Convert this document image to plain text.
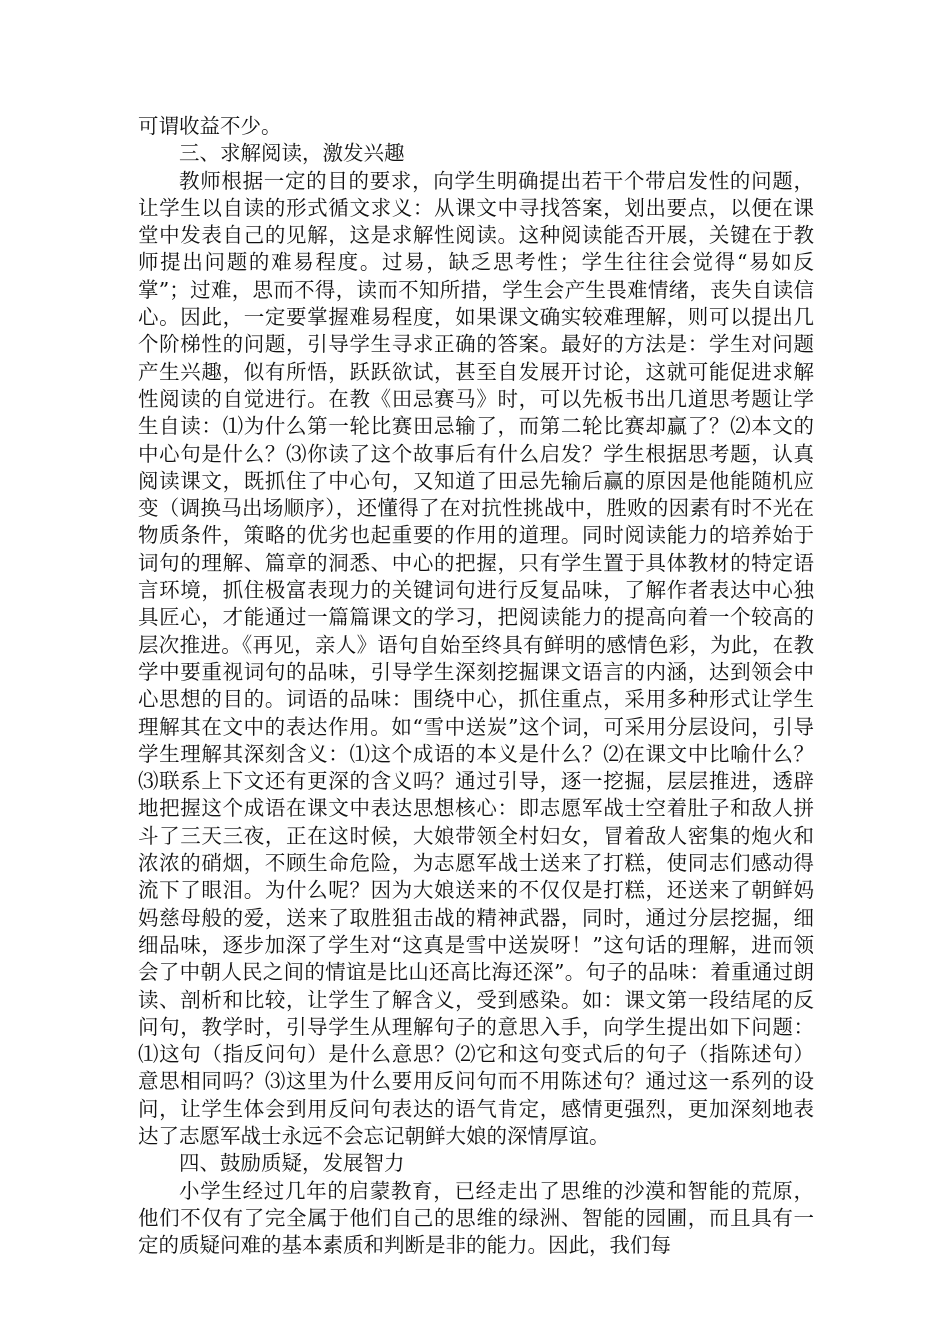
可谓收益不少。

三、求解阅读，激发兴趣

教师根据一定的目的要求，向学生明确提出若干个带启发性的问题，让学生以自读的形式循文求义：从课文中寻找答案，划出要点，以便在课堂中发表自己的见解，这是求解性阅读。这种阅读能否开展，关键在于教师提出问题的难易程度。过易，缺乏思考性；学生往往会觉得“易如反掌”；过难，思而不得，读而不知所措，学生会产生畏难情绪，丧失自读信心。因此，一定要掌握难易程度，如果课文确实较难理解，则可以提出几个阶梯性的问题，引导学生寻求正确的答案。最好的方法是：学生对问题产生兴趣，似有所悟，跃跃欲试，甚至自发展开讨论，这就可能促进求解性阅读的自觉进行。在教《田忌赛马》时，可以先板书出几道思考题让学生自读：⑴为什么第一轮比赛田忌输了，而第二轮比赛却赢了？⑵本文的中心句是什么？⑶你读了这个故事后有什么启发？学生根据思考题，认真阅读课文，既抓住了中心句，又知道了田忌先输后赢的原因是他能随机应变（调换马出场顺序），还懂得了在对抗性挑战中，胜败的因素有时不光在物质条件，策略的优劣也起重要的作用的道理。同时阅读能力的培养始于词句的理解、篇章的洞悉、中心的把握，只有学生置于具体教材的特定语言环境，抓住极富表现力的关键词句进行反复品味，了解作者表达中心独具匠心，才能通过一篇篇课文的学习，把阅读能力的提高向着一个较高的层次推进。《再见，亲人》语句自始至终具有鲜明的感情色彩，为此，在教学中要重视词句的品味，引导学生深刻挖掘课文语言的内涵，达到领会中心思想的目的。词语的品味：围绕中心，抓住重点，采用多种形式让学生理解其在文中的表达作用。如“雪中送炭”这个词，可采用分层设问，引导学生理解其深刻含义：⑴这个成语的本义是什么？⑵在课文中比喻什么？⑶联系上下文还有更深的含义吗？通过引导，逐一挖掘，层层推进，透辟地把握这个成语在课文中表达思想核心：即志愿军战士空着肚子和敌人拼斗了三天三夜，正在这时候，大娘带领全村妇女，冒着敌人密集的炮火和浓浓的硝烟，不顾生命危险，为志愿军战士送来了打糕，使同志们感动得流下了眼泪。为什么呢？因为大娘送来的不仅仅是打糕，还送来了朝鲜妈妈慈母般的爱，送来了取胜狙击战的精神武器，同时，通过分层挖掘，细细品味，逐步加深了学生对“这真是雪中送炭呀！”这句话的理解，进而领会了中朝人民之间的情谊是比山还高比海还深”。句子的品味：着重通过朗读、剖析和比较，让学生了解含义，受到感染。如：课文第一段结尾的反问句，教学时，引导学生从理解句子的意思入手，向学生提出如下问题：⑴这句（指反问句）是什么意思？⑵它和这句变式后的句子（指陈述句）意思相同吗？⑶这里为什么要用反问句而不用陈述句？通过这一系列的设问，让学生体会到用反问句表达的语气肯定，感情更强烈，更加深刻地表达了志愿军战士永远不会忘记朝鲜大娘的深情厚谊。

四、鼓励质疑，发展智力

小学生经过几年的启蒙教育，已经走出了思维的沙漠和智能的荒原，他们不仅有了完全属于他们自己的思维的绿洲、智能的园圃，而且具有一定的质疑问难的基本素质和判断是非的能力。因此，我们每
